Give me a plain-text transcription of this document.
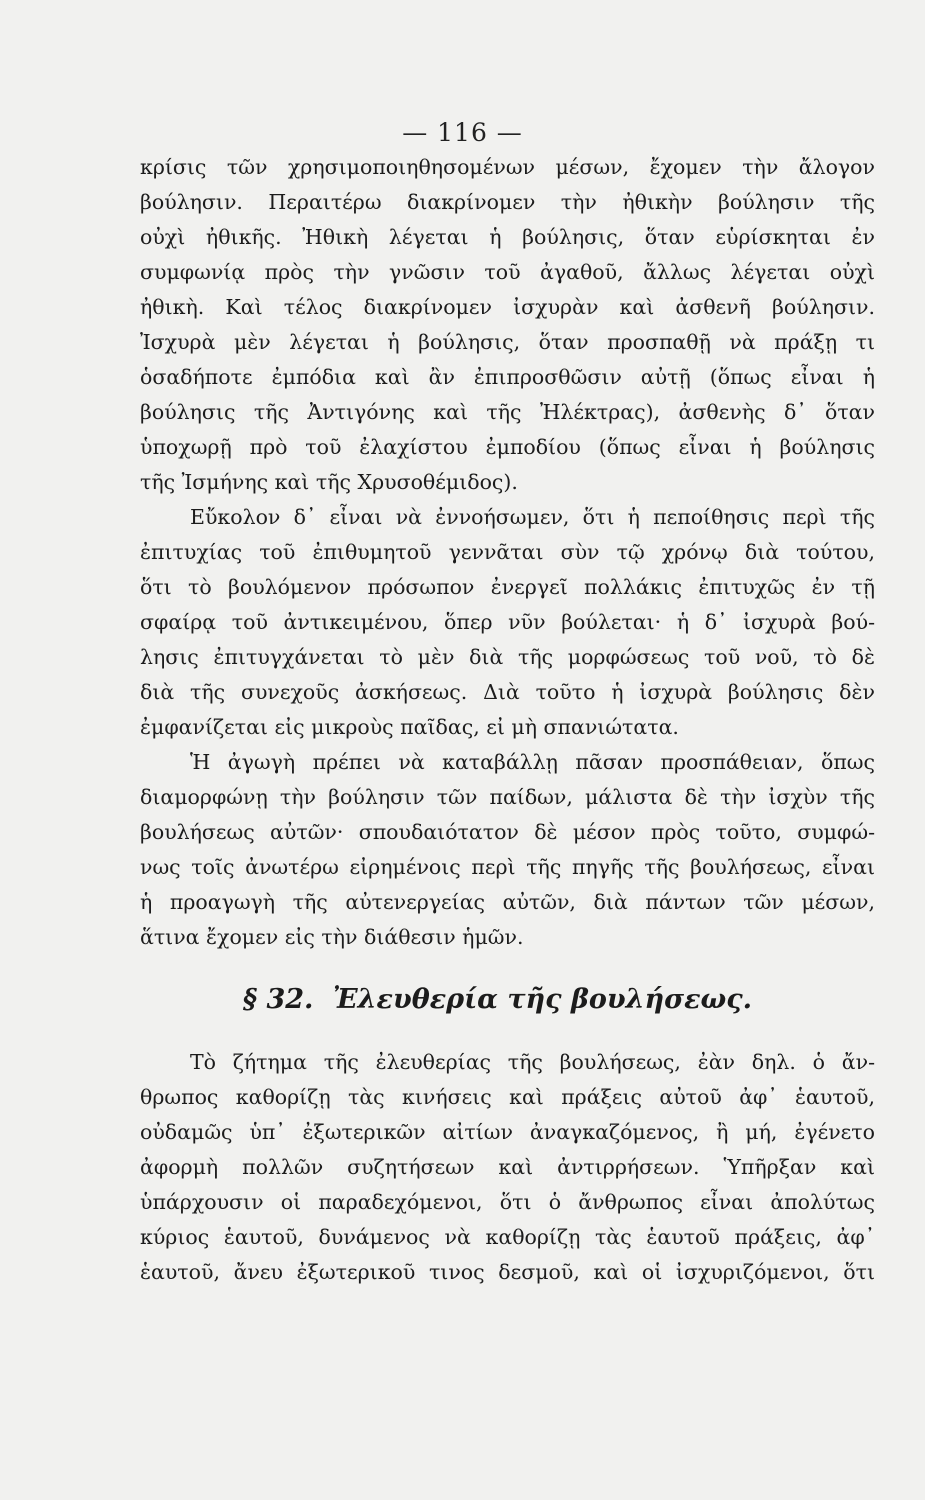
— 116 —
κρίσις τῶν χρησιμοποιηθησομένων μέσων, ἔχομεν τὴν ἄλογον
βούλησιν. Περαιτέρω διακρίνομεν τὴν ἠθικὴν βούλησιν τῆς
οὐχὶ ἠθικῆς. Ἠθικὴ λέγεται ἡ βούλησις, ὅταν εὑρίσκηται ἐν
συμφωνίᾳ πρὸς τὴν γνῶσιν τοῦ ἀγαθοῦ, ἄλλως λέγεται οὐχὶ
ἠθικὴ. Καὶ τέλος διακρίνομεν ἰσχυρὰν καὶ ἀσθενῆ βούλησιν.
Ἰσχυρὰ μὲν λέγεται ἡ βούλησις, ὅταν προσπαθῇ νὰ πράξῃ τι
ὁσαδήποτε ἐμπόδια καὶ ἂν ἐπιπροσθῶσιν αὐτῇ (ὅπως εἶναι ἡ
βούλησις τῆς Ἀντιγόνης καὶ τῆς Ἠλέκτρας), ἀσθενὴς δ᾽ ὅταν
ὑποχωρῇ πρὸ τοῦ ἐλαχίστου ἐμποδίου (ὅπως εἶναι ἡ βούλησις
τῆς Ἰσμήνης καὶ τῆς Χρυσοθέμιδος).
Εὔκολον δ᾽ εἶναι νὰ ἐννοήσωμεν, ὅτι ἡ πεποίθησις περὶ τῆς
ἐπιτυχίας τοῦ ἐπιθυμητοῦ γεννᾶται σὺν τῷ χρόνῳ διὰ τούτου,
ὅτι τὸ βουλόμενον πρόσωπον ἐνεργεῖ πολλάκις ἐπιτυχῶς ἐν τῇ
σφαίρᾳ τοῦ ἀντικειμένου, ὅπερ νῦν βούλεται· ἡ δ᾽ ἰσχυρὰ βού-
λησις ἐπιτυγχάνεται τὸ μὲν διὰ τῆς μορφώσεως τοῦ νοῦ, τὸ δὲ
διὰ τῆς συνεχοῦς ἀσκήσεως. Διὰ τοῦτο ἡ ἰσχυρὰ βούλησις δὲν
ἐμφανίζεται εἰς μικροὺς παῖδας, εἰ μὴ σπανιώτατα.
Ἡ ἀγωγὴ πρέπει νὰ καταβάλλῃ πᾶσαν προσπάθειαν, ὅπως
διαμορφώνῃ τὴν βούλησιν τῶν παίδων, μάλιστα δὲ τὴν ἰσχὺν τῆς
βουλήσεως αὐτῶν· σπουδαιότατον δὲ μέσον πρὸς τοῦτο, συμφώ-
νως τοῖς ἀνωτέρω εἰρημένοις περὶ τῆς πηγῆς τῆς βουλήσεως, εἶναι
ἡ προαγωγὴ τῆς αὐτενεργείας αὐτῶν, διὰ πάντων τῶν μέσων,
ἅτινα ἔχομεν εἰς τὴν διάθεσιν ἡμῶν.
§ 32. Ἐλευθερία τῆς βουλήσεως.
Τὸ ζήτημα τῆς ἐλευθερίας τῆς βουλήσεως, ἐὰν δηλ. ὁ ἄν-
θρωπος καθορίζῃ τὰς κινήσεις καὶ πράξεις αὐτοῦ ἀφ᾽ ἑαυτοῦ,
οὐδαμῶς ὑπ᾽ ἐξωτερικῶν αἰτίων ἀναγκαζόμενος, ἢ μή, ἐγένετο
ἀφορμὴ πολλῶν συζητήσεων καὶ ἀντιρρήσεων. Ὑπῆρξαν καὶ
ὑπάρχουσιν οἱ παραδεχόμενοι, ὅτι ὁ ἄνθρωπος εἶναι ἀπολύτως
κύριος ἑαυτοῦ, δυνάμενος νὰ καθορίζῃ τὰς ἑαυτοῦ πράξεις, ἀφ᾽
ἑαυτοῦ, ἄνευ ἐξωτερικοῦ τινος δεσμοῦ, καὶ οἱ ἰσχυριζόμενοι, ὅτι
